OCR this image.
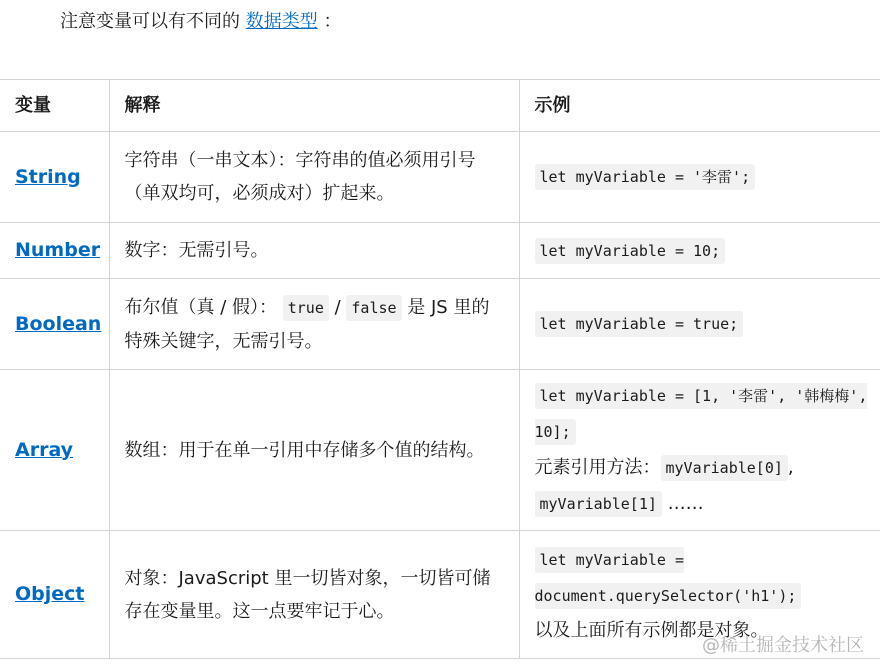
注意变量可以有不同的 数据类型 ：
变量	解释	示例
String	字符串（一串文本）：字符串的值必须用引号（单双均可，必须成对）扩起来。	let myVariable = '李雷';
Number	数字：无需引号。	let myVariable = 10;
Boolean	布尔值（真 / 假）： true / false 是 JS 里的特殊关键字，无需引号。	let myVariable = true;
Array	数组：用于在单一引用中存储多个值的结构。	let myVariable = [1, '李雷', '韩梅梅', 10];
元素引用方法： myVariable[0] , myVariable[1] ……

Object	对象：JavaScript 里一切皆对象，一切皆可储存在变量里。这一点要牢记于心。	let myVariable = document.querySelector('h1');
以及上面所有示例都是对象。
@稀土掘金技术社区
